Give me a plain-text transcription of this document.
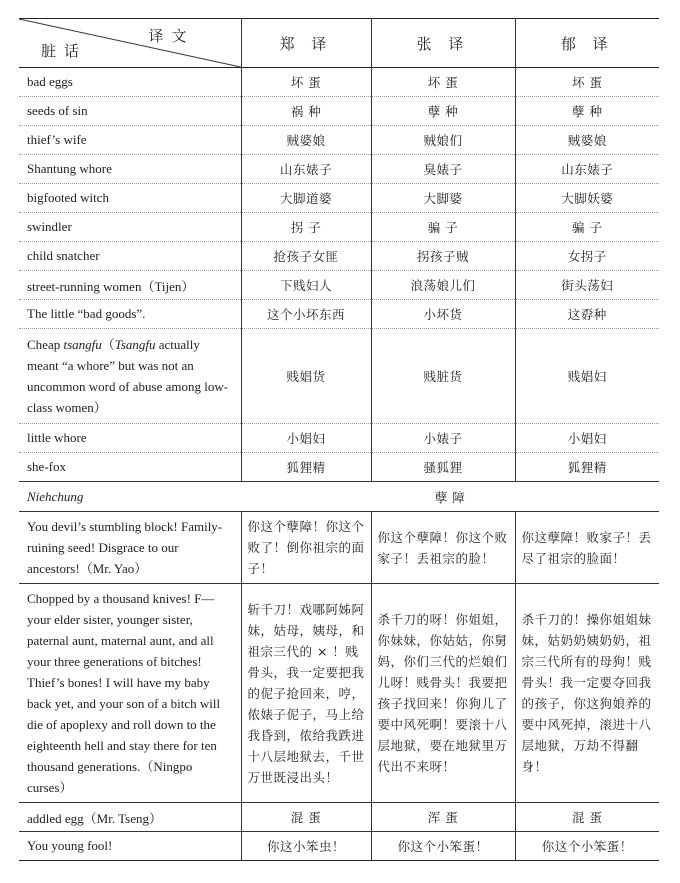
译文
脏话	郑 译	张 译	郁 译
bad eggs	坏 蛋	坏 蛋	坏 蛋
seeds of sin	祸 种	孽 种	孽 种
thief’s wife	贼婆娘	贼娘们	贼婆娘
Shantung whore	山东婊子	臭婊子	山东婊子
bigfooted witch	大脚道婆	大脚婆	大脚妖婆
swindler	拐 子	骗 子	骗 子
child snatcher	抢孩子女匪	拐孩子贼	女拐子
street-running women（Tijen）	下贱妇人	浪荡娘儿们	街头荡妇
The little “bad goods”.	这个小坏东西	小坏货	这孬种
Cheap tsangfu（Tsangfu actually meant “a whore” but was not an uncommon word of abuse among low-class women）	贱娼货	贱脏货	贱娼妇
little whore	小娼妇	小婊子	小娼妇
she-fox	狐狸精	骚狐狸	狐狸精
Niehchung	孽 障		
You devil’s stumbling block! Family-ruining seed! Disgrace to our ancestors!（Mr. Yao）	你这个孽障！你这个败了！倒你祖宗的面子！	你这个孽障！你这个败家子！丢祖宗的脸！	你这孽障！败家子！丢尽了祖宗的脸面！
Chopped by a thousand knives! F—your elder sister, younger sister, paternal aunt, maternal aunt, and all your three generations of bitches! Thief’s bones! I will have my baby back yet, and your son of a bitch will die of apoplexy and roll down to the eighteenth hell and stay there for ten thousand generations.（Ningpo curses）	斩千刀！戏哪阿姊阿妹，姑母，姨母，和祖宗三代的 × ！贱骨头，我一定要把我的伲子抢回来，哼，侬婊子伲子，马上给我昏到，侬给我跌进十八层地狱去，千世万世既浸出头！	杀千刀的呀！你姐姐，你妹妹，你姑姑，你舅妈，你们三代的烂娘们儿呀！贱骨头！我要把孩子找回来！你狗儿了要中风死啊！要滚十八层地狱，要在地狱里万代出不来呀！	杀千刀的！操你姐姐妹妹，姑奶奶姨奶奶，祖宗三代所有的母狗！贱骨头！我一定要夺回我的孩子，你这狗娘养的要中风死掉，滚进十八层地狱，万劫不得翻身！
addled egg（Mr. Tseng）	混 蛋	浑 蛋	混 蛋
You young fool!	你这小笨虫！	你这个小笨蛋！	你这个小笨蛋！
